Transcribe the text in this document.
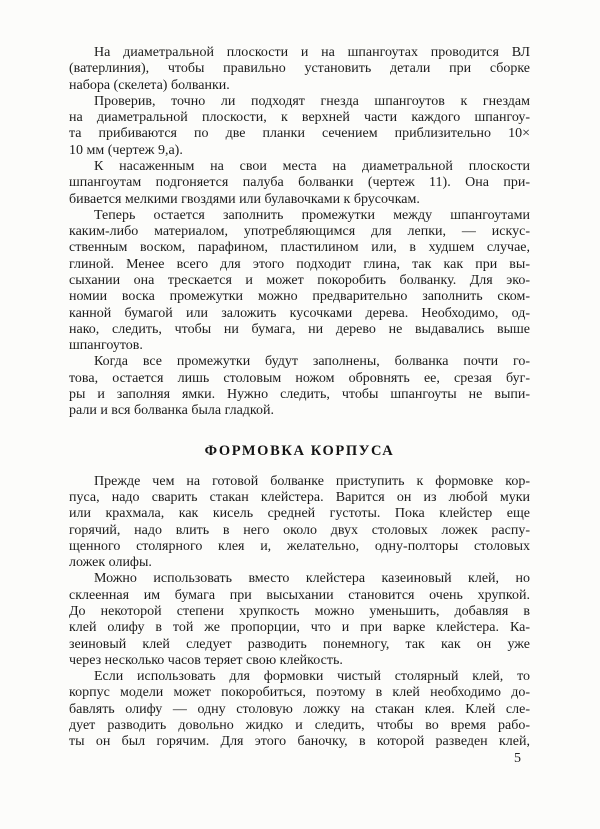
На диаметральной плоскости и на шпангоутах проводится ВЛ
(ватерлиния), чтобы правильно установить детали при сборке
набора (скелета) болванки.
Проверив, точно ли подходят гнезда шпангоутов к гнездам
на диаметральной плоскости, к верхней части каждого шпангоу-
та прибиваются по две планки сечением приблизительно 10×
10 мм (чертеж 9,а).
К насаженным на свои места на диаметральной плоскости
шпангоутам подгоняется палуба болванки (чертеж 11). Она при-
бивается мелкими гвоздями или булавочками к брусочкам.
Теперь остается заполнить промежутки между шпангоутами
каким-либо материалом, употребляющимся для лепки, — искус-
ственным воском, парафином, пластилином или, в худшем случае,
глиной. Менее всего для этого подходит глина, так как при вы-
сыхании она трескается и может покоробить болванку. Для эко-
номии воска промежутки можно предварительно заполнить ском-
канной бумагой или заложить кусочками дерева. Необходимо, од-
нако, следить, чтобы ни бумага, ни дерево не выдавались выше
шпангоутов.
Когда все промежутки будут заполнены, болванка почти го-
това, остается лишь столовым ножом обровнять ее, срезая буг-
ры и заполняя ямки. Нужно следить, чтобы шпангоуты не выпи-
рали и вся болванка была гладкой.
ФОРМОВКА КОРПУСА
Прежде чем на готовой болванке приступить к формовке кор-
пуса, надо сварить стакан клейстера. Варится он из любой муки
или крахмала, как кисель средней густоты. Пока клейстер еще
горячий, надо влить в него около двух столовых ложек распу-
щенного столярного клея и, желательно, одну-полторы столовых
ложек олифы.
Можно использовать вместо клейстера казеиновый клей, но
склеенная им бумага при высыхании становится очень хрупкой.
До некоторой степени хрупкость можно уменьшить, добавляя в
клей олифу в той же пропорции, что и при варке клейстера. Ка-
зеиновый клей следует разводить понемногу, так как он уже
через несколько часов теряет свою клейкость.
Если использовать для формовки чистый столярный клей, то
корпус модели может покоробиться, поэтому в клей необходимо до-
бавлять олифу — одну столовую ложку на стакан клея. Клей сле-
дует разводить довольно жидко и следить, чтобы во время рабо-
ты он был горячим. Для этого баночку, в которой разведен клей,
5
